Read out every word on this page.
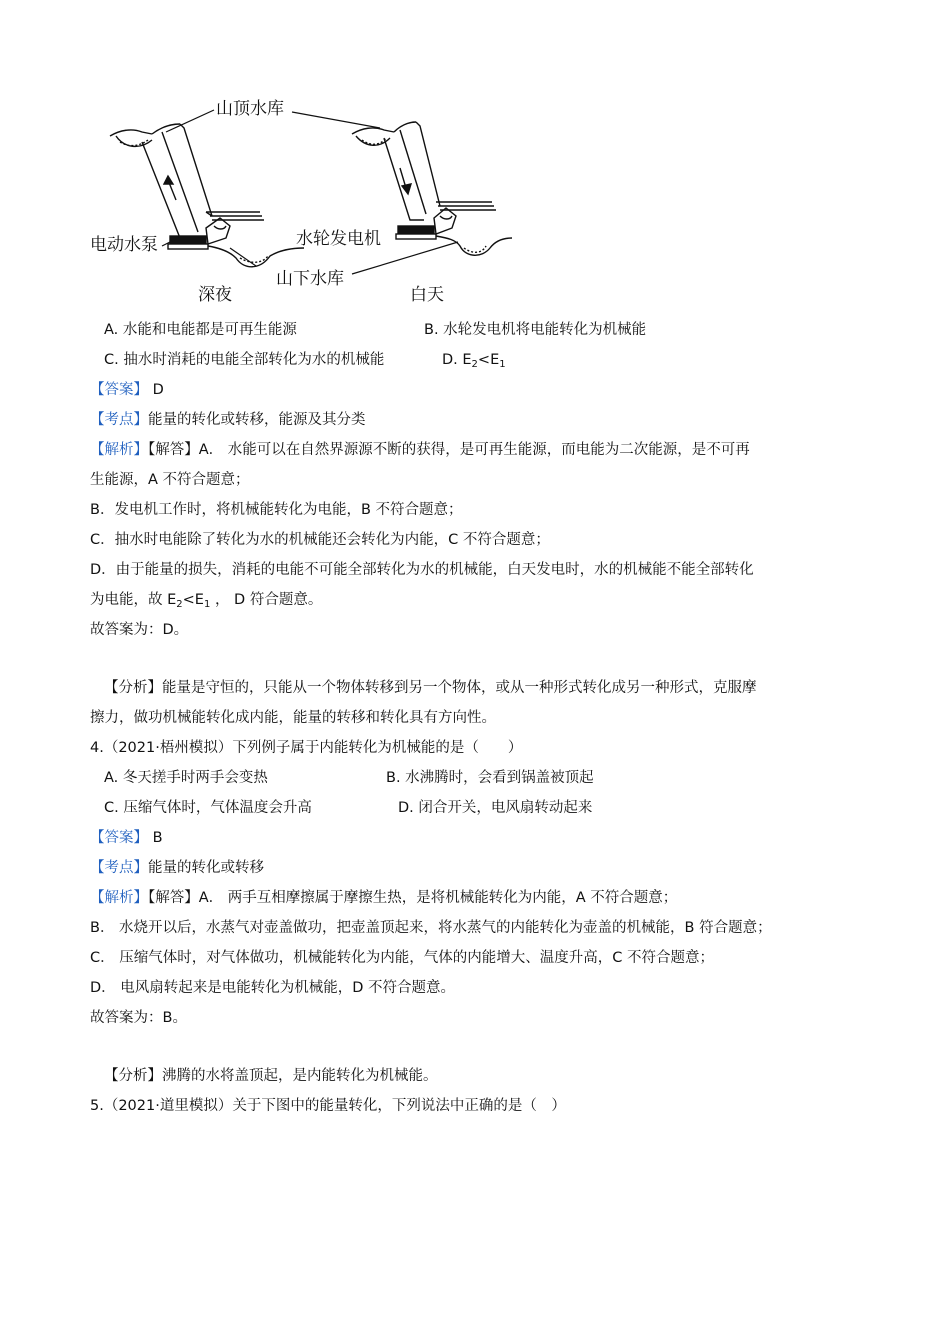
山顶水库
电动水泵	水轮发电机
山下水库
深夜	白天
A. 水能和电能都是可再生能源	B. 水轮发电机将电能转化为机械能
C. 抽水时消耗的电能全部转化为水的机械能	D. $E_2<E_1$
【答案】 D
【考点】能量的转化或转移，能源及其分类
【解析】【解答】A． 水能可以在自然界源源不断的获得，是可再生能源，而电能为二次能源，是不可再
生能源，A 不符合题意；
B．发电机工作时，将机械能转化为电能，B 不符合题意；
C．抽水时电能除了转化为水的机械能还会转化为内能，C 不符合题意；
D．由于能量的损失，消耗的电能不可能全部转化为水的机械能，白天发电时，水的机械能不能全部转化
为电能，故 $E_2<E_1$ ， D 符合题意。
故答案为：D。
【分析】能量是守恒的，只能从一个物体转移到另一个物体，或从一种形式转化成另一种形式，克服摩
擦力，做功机械能转化成内能，能量的转移和转化具有方向性。
4.（2021·梧州模拟）下列例子属于内能转化为机械能的是（　　）
A. 冬天搓手时两手会变热	B. 水沸腾时，会看到锅盖被顶起
C. 压缩气体时，气体温度会升高	D. 闭合开关，电风扇转动起来
【答案】 B
【考点】能量的转化或转移
【解析】【解答】A． 两手互相摩擦属于摩擦生热，是将机械能转化为内能，A 不符合题意；
B． 水烧开以后，水蒸气对壶盖做功，把壶盖顶起来，将水蒸气的内能转化为壶盖的机械能，B 符合题意；
C． 压缩气体时，对气体做功，机械能转化为内能，气体的内能增大、温度升高，C 不符合题意；
D． 电风扇转起来是电能转化为机械能，D 不符合题意。
故答案为：B。
【分析】沸腾的水将盖顶起，是内能转化为机械能。
5.（2021·道里模拟）关于下图中的能量转化，下列说法中正确的是（　）
